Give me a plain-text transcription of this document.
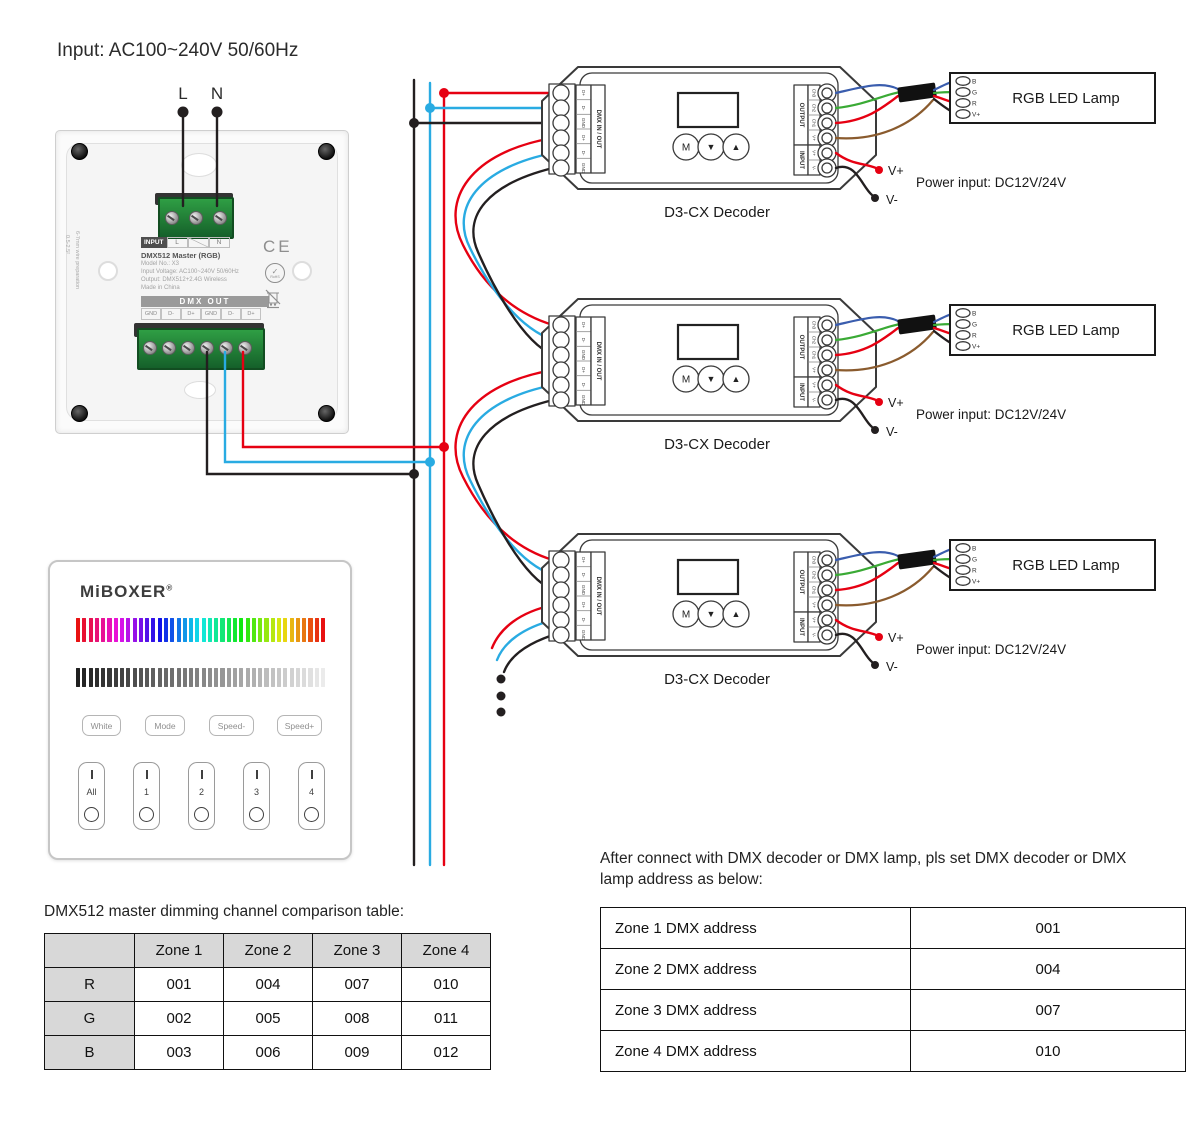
Input: AC100~240V 50/60Hz
L N
INPUT	L	N
DMX512 Master (RGB)
Model No.: X3
Input Voltage: AC100~240V 50/60Hz
Output: DMX512+2.4G Wireless
Made in China
DMX OUT
GND	D-	D+	GND	D-	D+
CE
✓
RoHS
6-7mm wire preparation
0.5-2.5²
MiBOXER®
White	Mode	Speed-	Speed+
All	1	2	3	4
D+
D-
GND
D+
D-
GND
DMX IN / OUT	M ▼ ▲
OUTPUT
INPUT
Ch3
Ch2
Ch1
V+
V+
V-	V+
V-
Power input: DC12V/24V
B
G
R
V+
RGB LED Lamp
D3-CX Decoder
D+
D-
GND
D+
D-
GND
DMX IN / OUT	M ▼ ▲
OUTPUT
INPUT
Ch3
Ch2
Ch1
V+
V+
V-	V+
V-
Power input: DC12V/24V
B
G
R
V+
RGB LED Lamp
D3-CX Decoder
D+
D-
GND
D+
D-
GND
DMX IN / OUT	M ▼ ▲
OUTPUT
INPUT
Ch3
Ch2
Ch1
V+
V+
V-	V+
V-
Power input: DC12V/24V
B
G
R
V+
RGB LED Lamp
D3-CX Decoder
DMX512 master dimming channel comparison table:
	Zone 1	Zone 2	Zone 3	Zone 4
R	001	004	007	010
G	002	005	008	011
B	003	006	009	012
After connect with DMX decoder or DMX lamp, pls set DMX decoder or DMX lamp address as below:
Zone 1 DMX address	001
Zone 2 DMX address	004
Zone 3 DMX address	007
Zone 4 DMX address	010
